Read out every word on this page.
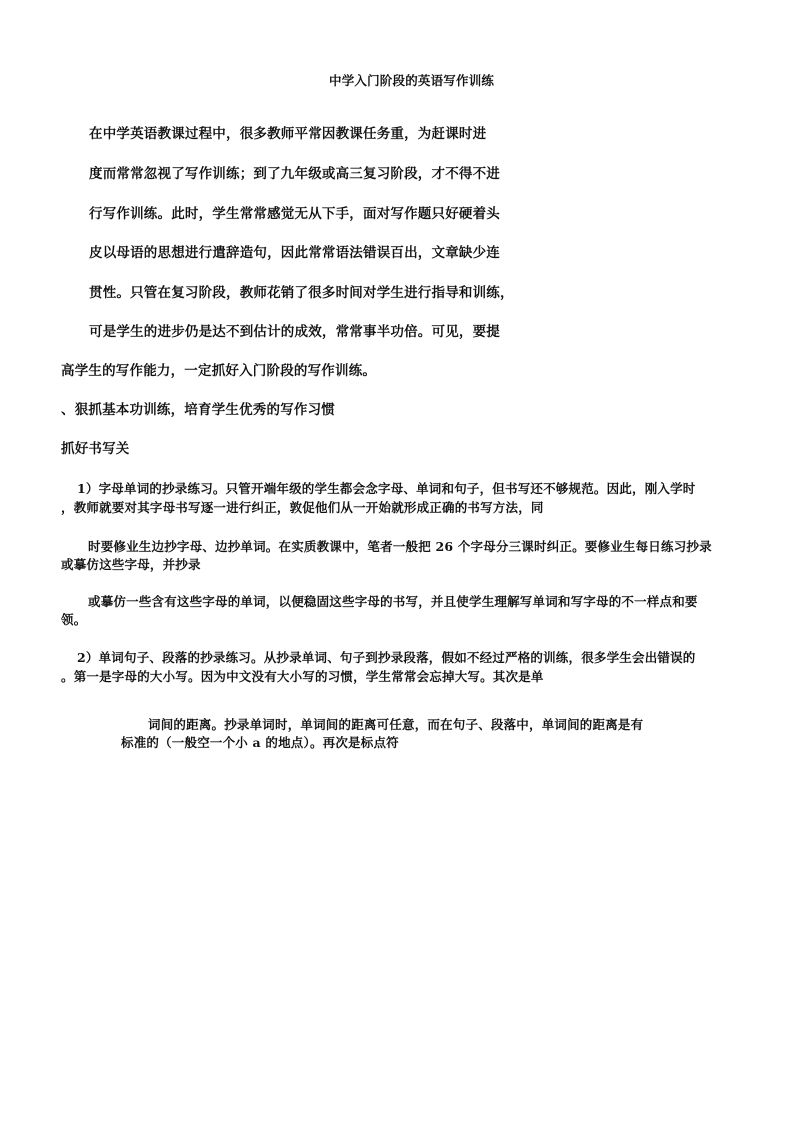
中学入门阶段的英语写作训练
在中学英语教课过程中，很多教师平常因教课任务重，为赶课时进
度而常常忽视了写作训练；到了九年级或高三复习阶段，才不得不进
行写作训练。此时，学生常常感觉无从下手，面对写作题只好硬着头
皮以母语的思想进行遣辞造句，因此常常语法错误百出，文章缺少连
贯性。只管在复习阶段，教师花销了很多时间对学生进行指导和训练，
可是学生的进步仍是达不到估计的成效，常常事半功倍。可见，要提
高学生的写作能力，一定抓好入门阶段的写作训练。
、狠抓基本功训练，培育学生优秀的写作习惯
抓好书写关
1）字母单词的抄录练习。只管开端年级的学生都会念字母、单词和句子，但书写还不够规范。因此，刚入学时
，教师就要对其字母书写逐一进行纠正，敦促他们从一开始就形成正确的书写方法，同
时要修业生边抄字母、边抄单词。在实质教课中，笔者一般把 26 个字母分三课时纠正。要修业生每日练习抄录
或摹仿这些字母，并抄录
或摹仿一些含有这些字母的单词，以便稳固这些字母的书写，并且使学生理解写单词和写字母的不一样点和要
领。
2）单词句子、段落的抄录练习。从抄录单词、句子到抄录段落，假如不经过严格的训练，很多学生会出错误的
。第一是字母的大小写。因为中文没有大小写的习惯，学生常常会忘掉大写。其次是单
词间的距离。抄录单词时，单词间的距离可任意，而在句子、段落中，单词间的距离是有
标准的（一般空一个小 a 的地点）。再次是标点符
